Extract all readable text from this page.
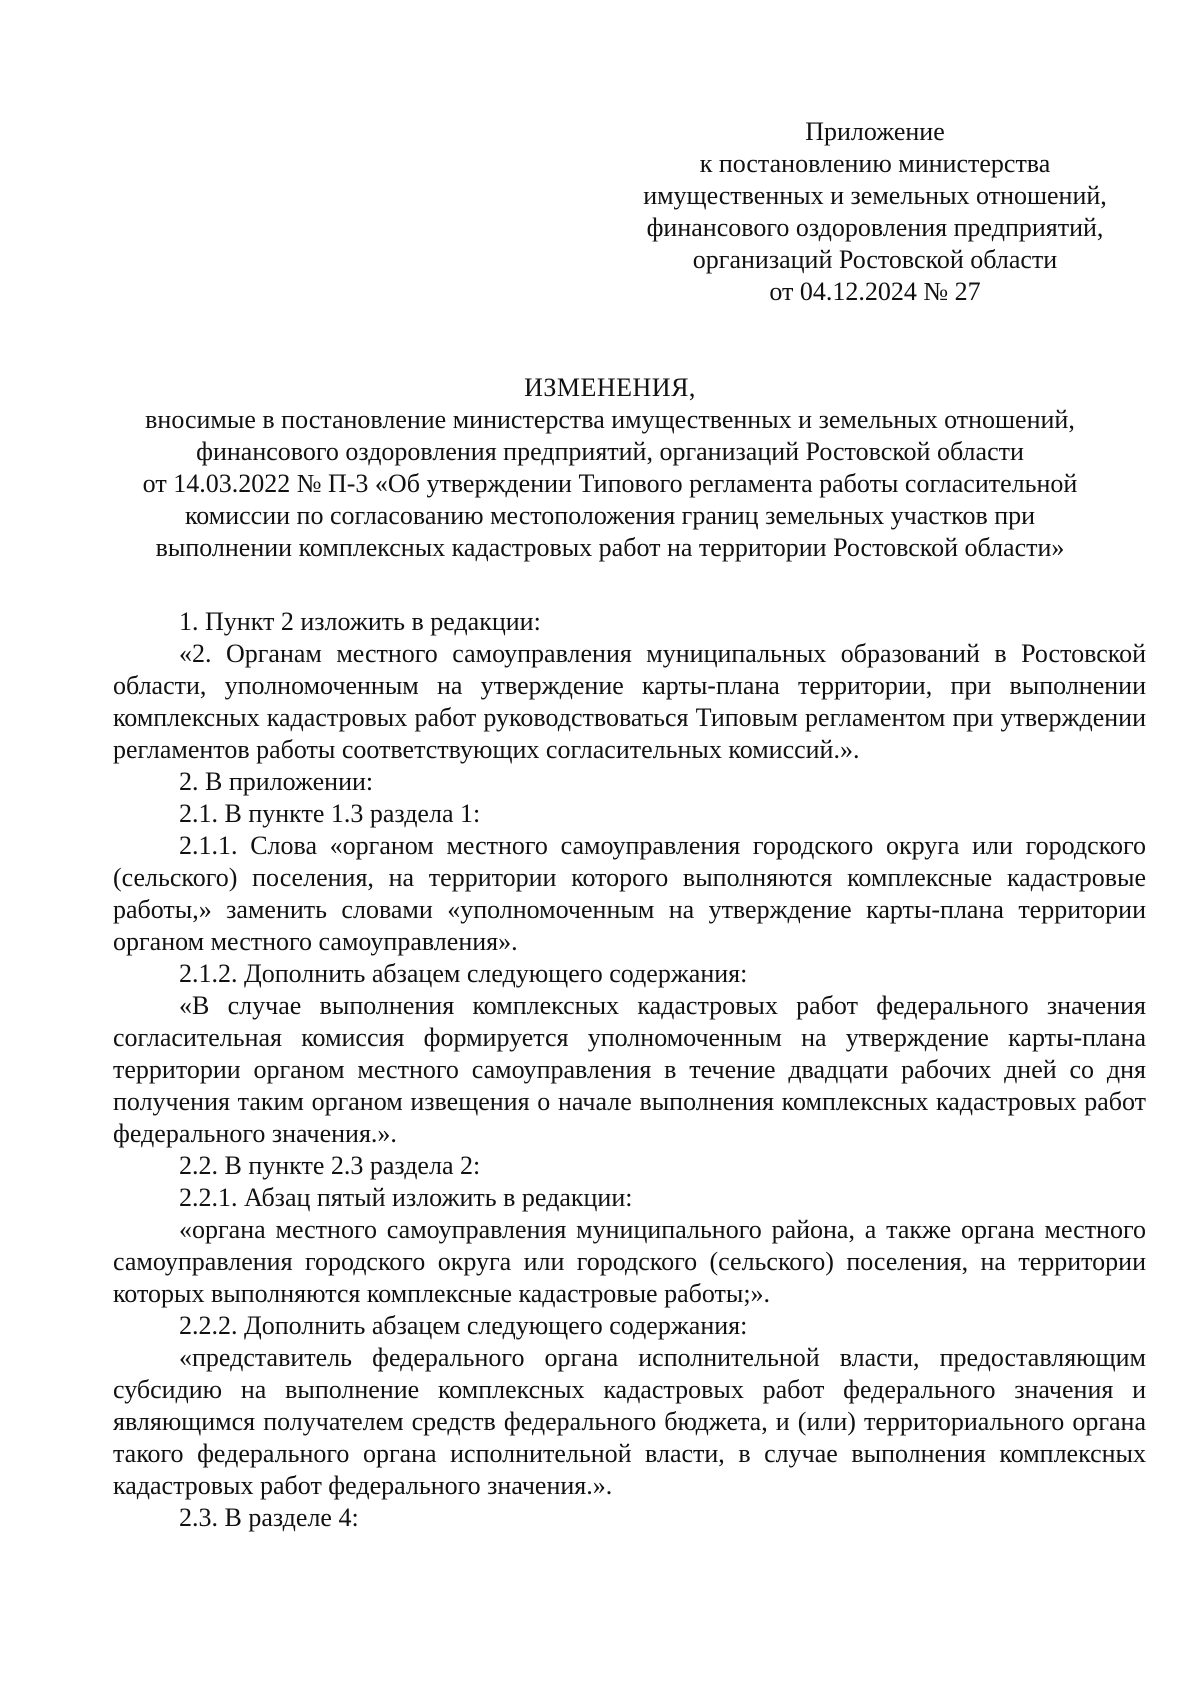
Приложение
к постановлению министерства
имущественных и земельных отношений,
финансового оздоровления предприятий,
организаций Ростовской области
от 04.12.2024 № 27
ИЗМЕНЕНИЯ,
вносимые в постановление министерства имущественных и земельных отношений,
финансового оздоровления предприятий, организаций Ростовской области
от 14.03.2022 № П-3 «Об утверждении Типового регламента работы согласительной
комиссии по согласованию местоположения границ земельных участков при
выполнении комплексных кадастровых работ на территории Ростовской области»

1. Пункт 2 изложить в редакции:

«2. Органам местного самоуправления муниципальных образований в Ростовской области, уполномоченным на утверждение карты-плана территории, при выполнении комплексных кадастровых работ руководствоваться Типовым регламентом при утверждении регламентов работы соответствующих согласительных комиссий.».

2. В приложении:

2.1. В пункте 1.3 раздела 1:

2.1.1. Слова «органом местного самоуправления городского округа или городского (сельского) поселения, на территории которого выполняются комплексные кадастровые работы,» заменить словами «уполномоченным на утверждение карты-плана территории органом местного самоуправления».

2.1.2. Дополнить абзацем следующего содержания:

«В случае выполнения комплексных кадастровых работ федерального значения согласительная комиссия формируется уполномоченным на утверждение карты-плана территории органом местного самоуправления в течение двадцати рабочих дней со дня получения таким органом извещения о начале выполнения комплексных кадастровых работ федерального значения.».

2.2. В пункте 2.3 раздела 2:

2.2.1. Абзац пятый изложить в редакции:

«органа местного самоуправления муниципального района, а также органа местного самоуправления городского округа или городского (сельского) поселения, на территории которых выполняются комплексные кадастровые работы;».

2.2.2. Дополнить абзацем следующего содержания:

«представитель федерального органа исполнительной власти, предоставляющим субсидию на выполнение комплексных кадастровых работ федерального значения и являющимся получателем средств федерального бюджета, и (или) территориального органа такого федерального органа исполнительной власти, в случае выполнения комплексных кадастровых работ федерального значения.».

2.3. В разделе 4:
